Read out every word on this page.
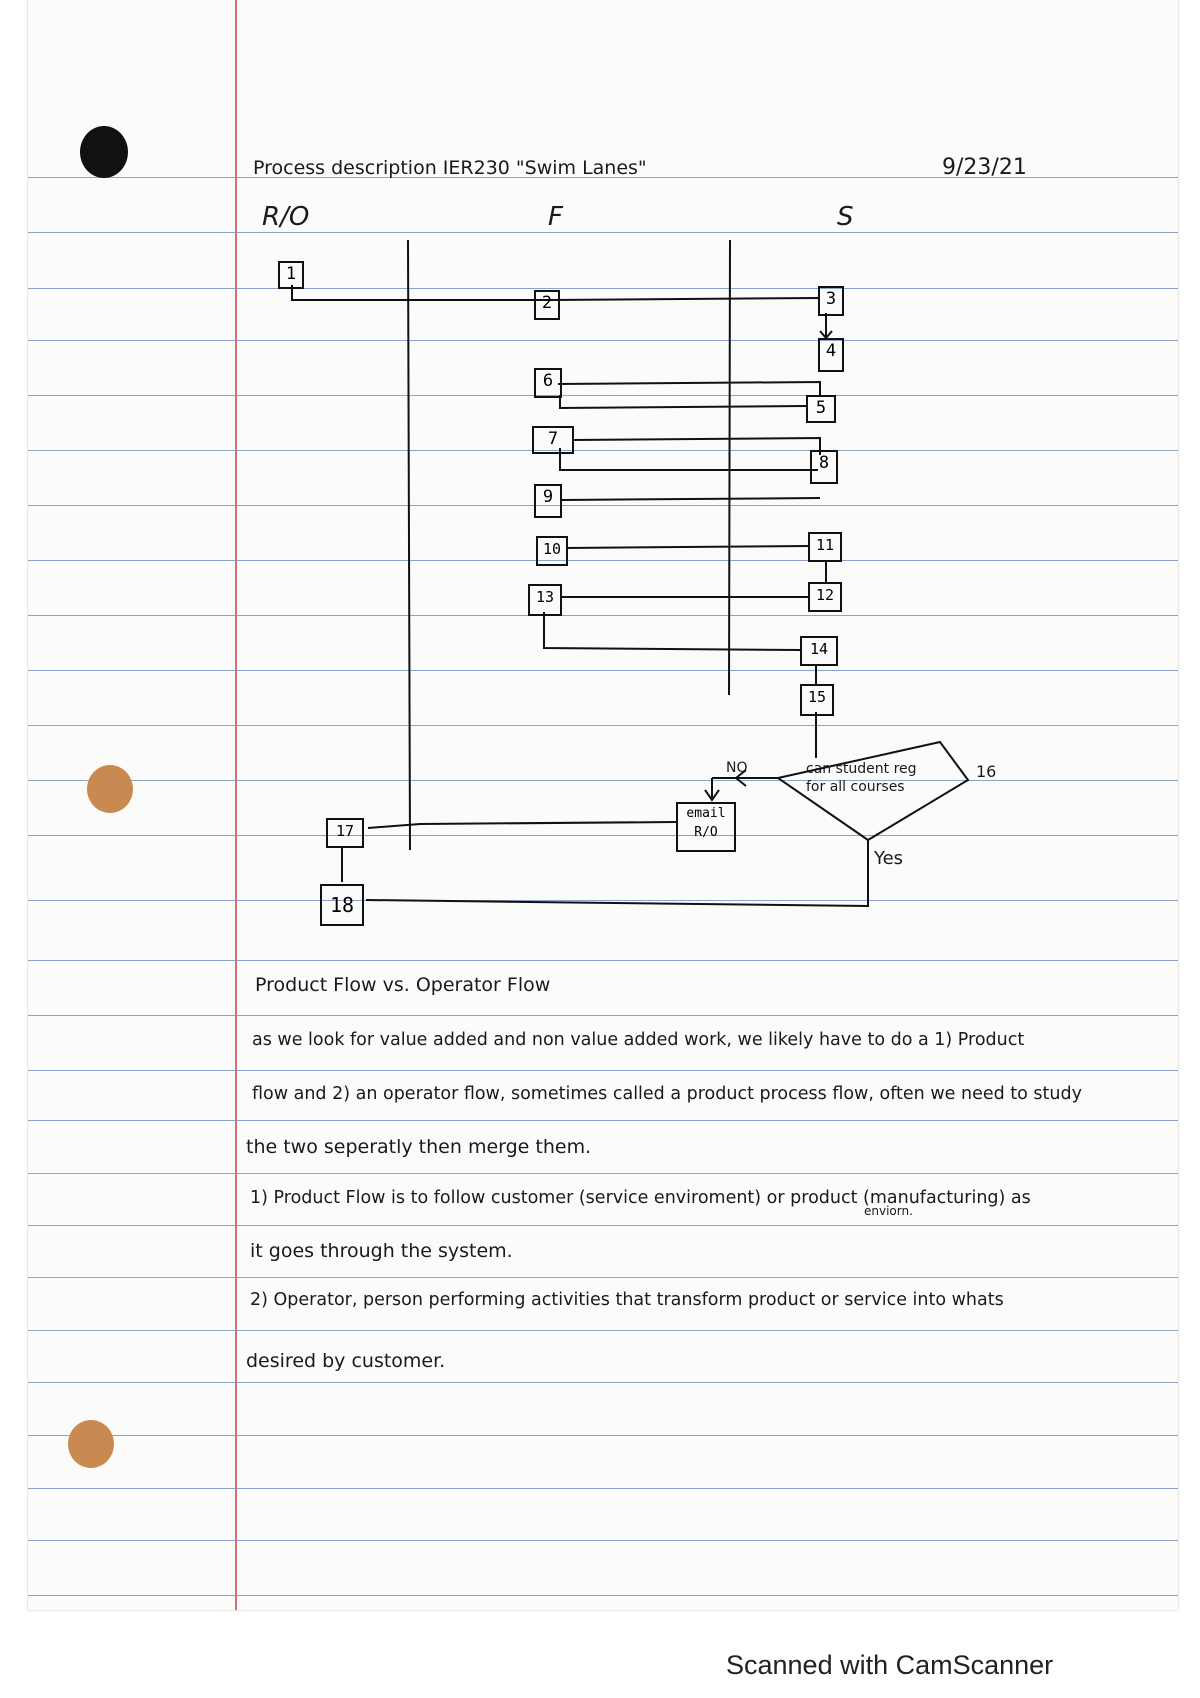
Process description IER230 "Swim Lanes"	9/23/21
R/O	F	S
1
2	3
4
6
5
7
8
9
10	11
13	12
14
15
17
18
email
R/O
can student reg
for all courses
16
NO
Yes
Product Flow vs. Operator Flow
as we look for value added and non value added work, we likely have to do a 1) Product
flow and 2) an operator flow, sometimes called a product process flow, often we need to study
the two seperatly then merge them.
1) Product Flow is to follow customer (service enviroment) or product (manufacturing) as
enviorn.
it goes through the system.
2) Operator, person performing activities that transform product or service into whats
desired by customer.
Scanned with CamScanner
